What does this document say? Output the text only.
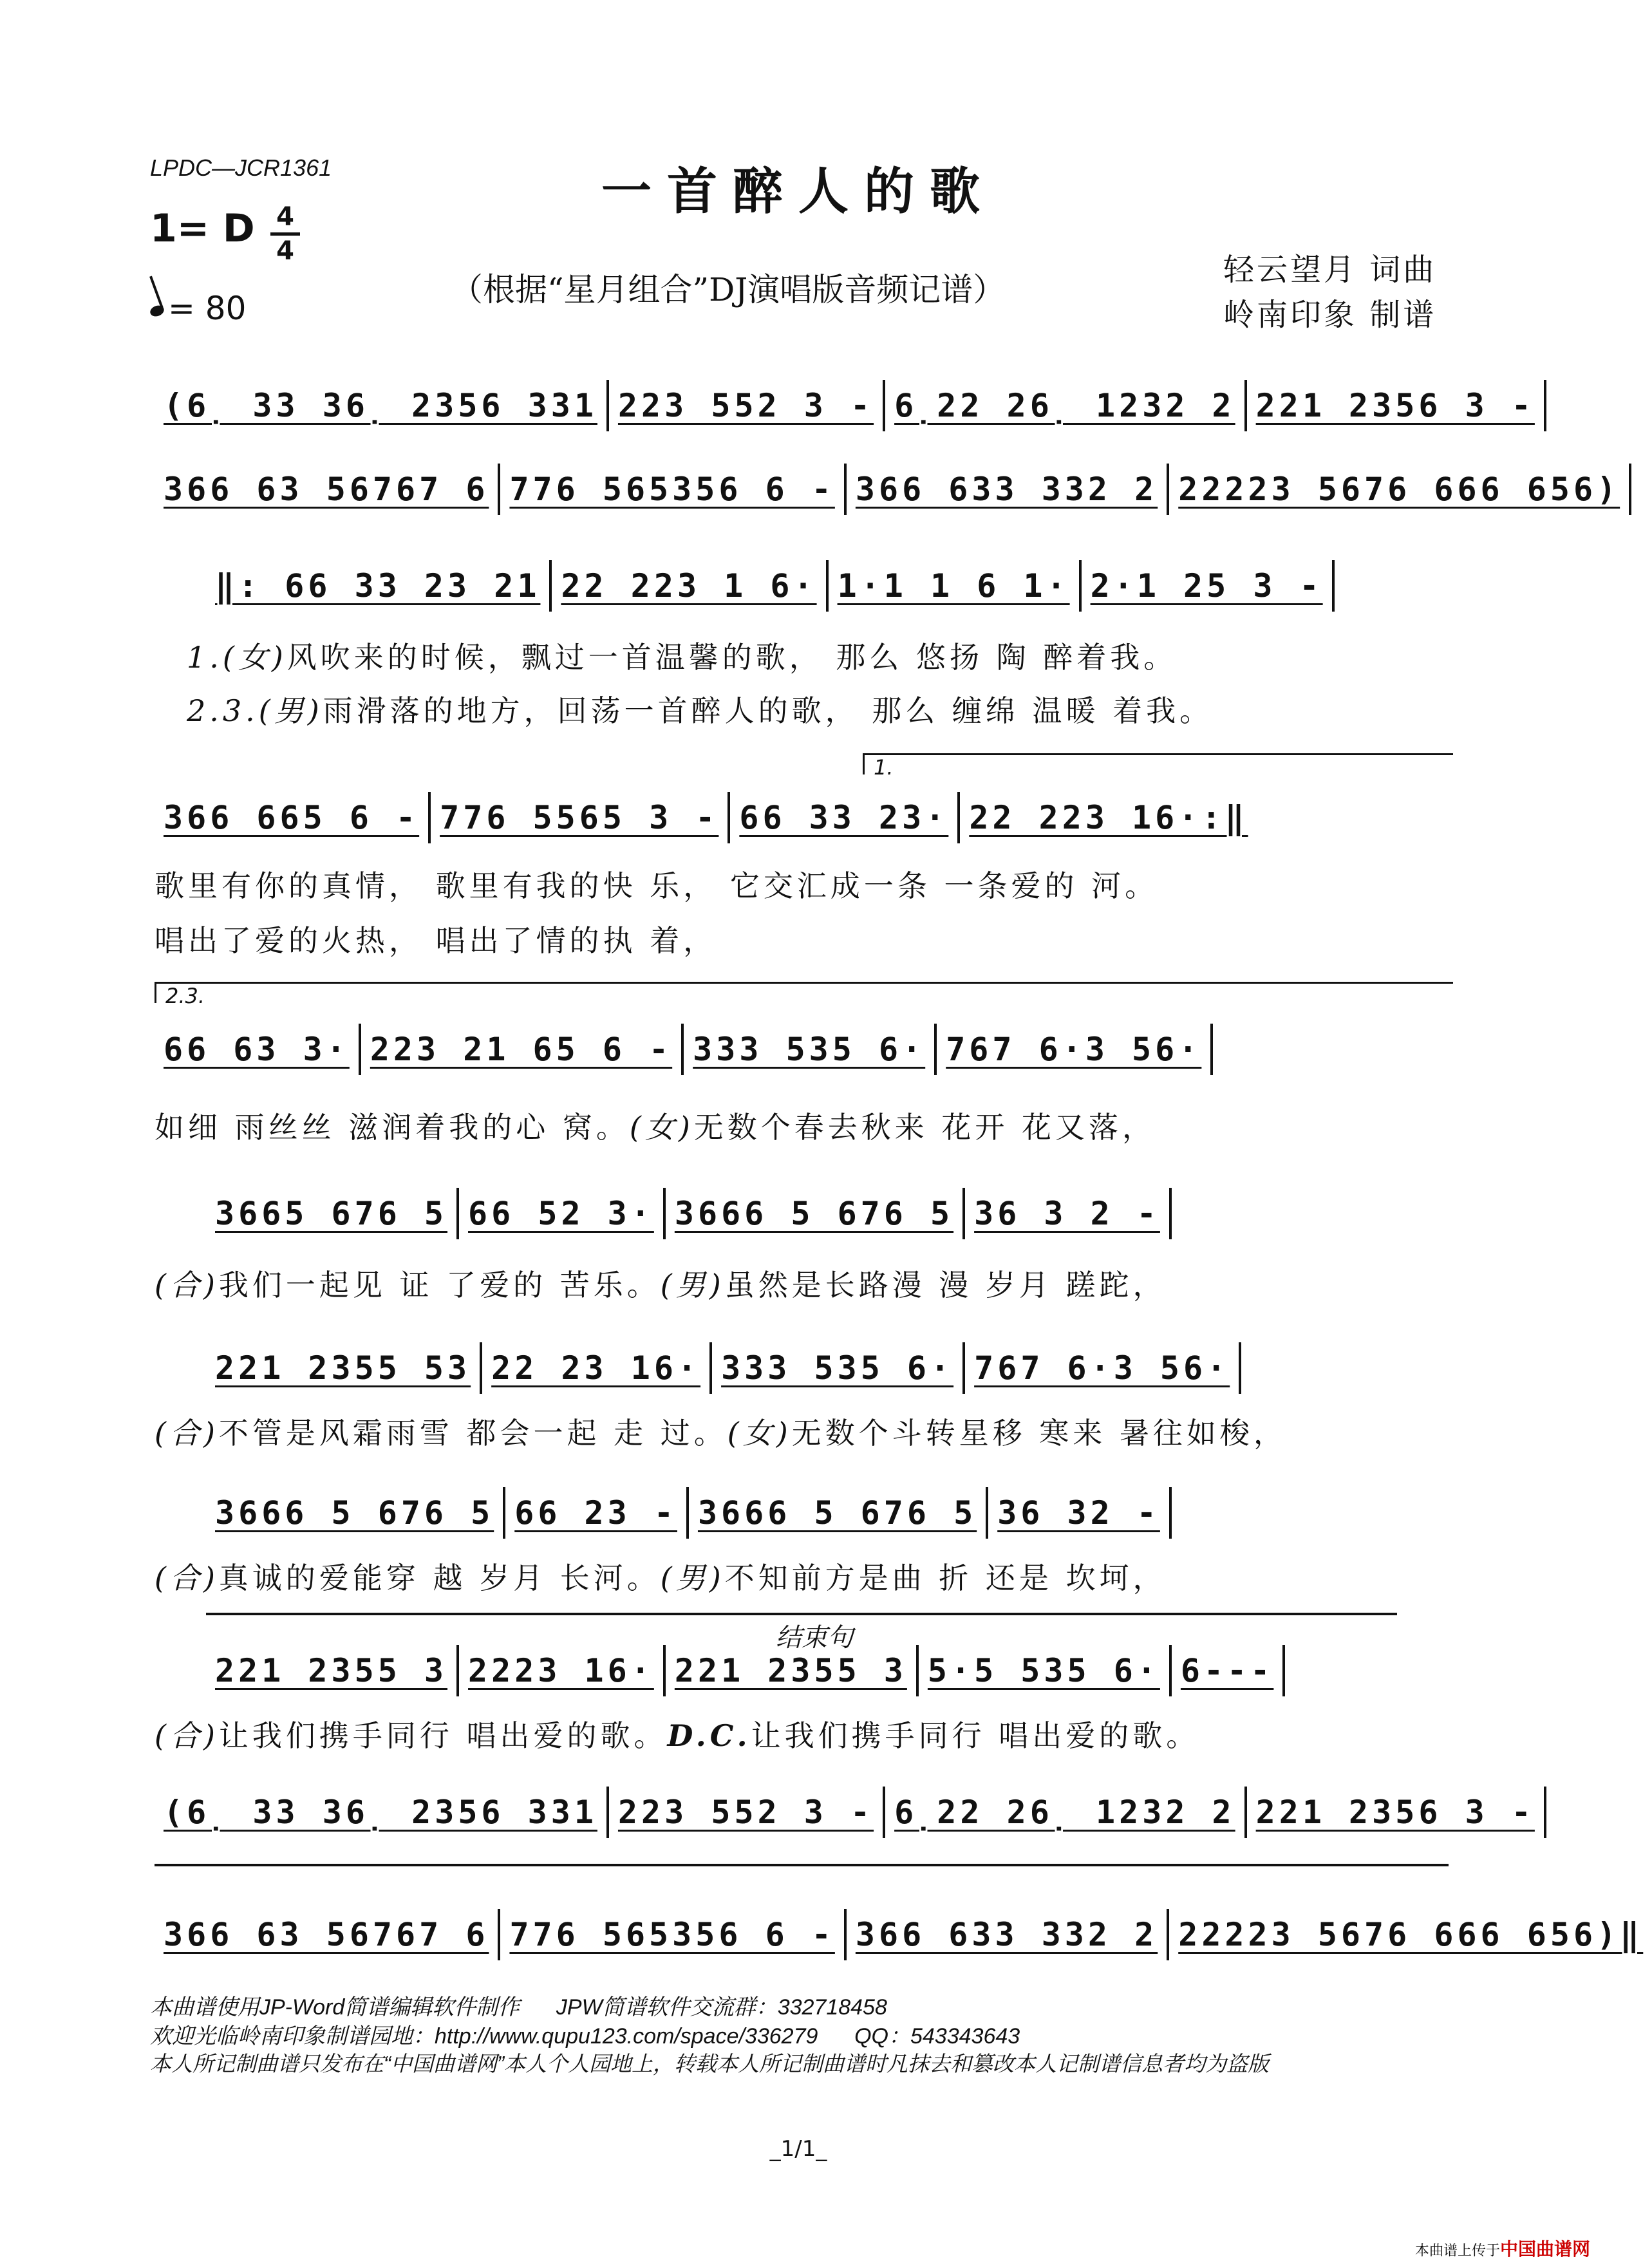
LPDC—JCR1361	一首醉人的歌
1= D 4
4
（根据“星月组合”DJ演唱版音频记谱）
轻云望月 词曲
岭南印象 制谱
= 80
(6̣ 33 36̣ 2356 331 223 552 3 - 6̣22 26̣ 1232 2 221 2356 3 -
366 63 56767 6 776 565356 6 - 366 633 332 2 22223 5676 666 656)
‖: 66 33 23 21 22 223 1 6· 1·1 1 6 1· 2·1 25 3 -
1.(女)风吹来的时候，飘过一首温馨的歌， 那么 悠扬 陶 醉着我。
2.3.(男)雨滑落的地方，回荡一首醉人的歌， 那么 缠绵 温暖 着我。
1.
366 665 6 - 776 5565 3 - 66 33 23· 22 223 16·:‖
歌里有你的真情， 歌里有我的快 乐， 它交汇成一条 一条爱的 河。
唱出了爱的火热， 唱出了情的执 着，
2.3.
66 63 3· 223 21 65 6 - 333 535 6· 767 6·3 56·
如细 雨丝丝 滋润着我的心 窝。(女)无数个春去秋来 花开 花又落，
3665 676 5 66 52 3· 3666 5 676 5 36 3 2 -
(合)我们一起见 证 了爱的 苦乐。(男)虽然是长路漫 漫 岁月 蹉跎，
221 2355 53 22 23 16· 333 535 6· 767 6·3 56·
(合)不管是风霜雨雪 都会一起 走 过。(女)无数个斗转星移 寒来 暑往如梭，
3666 5 676 5 66 23 - 3666 5 676 5 36 32 -
(合)真诚的爱能穿 越 岁月 长河。(男)不知前方是曲 折 还是 坎坷，
结束句
221 2355 3 2223 16· 221 2355 3 5·5 535 6· 6---
(合)让我们携手同行 唱出爱的歌。D.C.让我们携手同行 唱出爱的歌。
(6̣ 33 36̣ 2356 331 223 552 3 - 6̣22 26̣ 1232 2 221 2356 3 -
366 63 56767 6 776 565356 6 - 366 633 332 2 22223 5676 666 656)‖
本曲谱使用JP-Word简谱编辑软件制作 JPW简谱软件交流群：332718458
欢迎光临岭南印象制谱园地：http://www.qupu123.com/space/336279 QQ：543343643
本人所记制曲谱只发布在“中国曲谱网”本人个人园地上，转载本人所记制曲谱时凡抹去和篡改本人记制谱信息者均为盗版
_1/1_
本曲谱上传于中国曲谱网
